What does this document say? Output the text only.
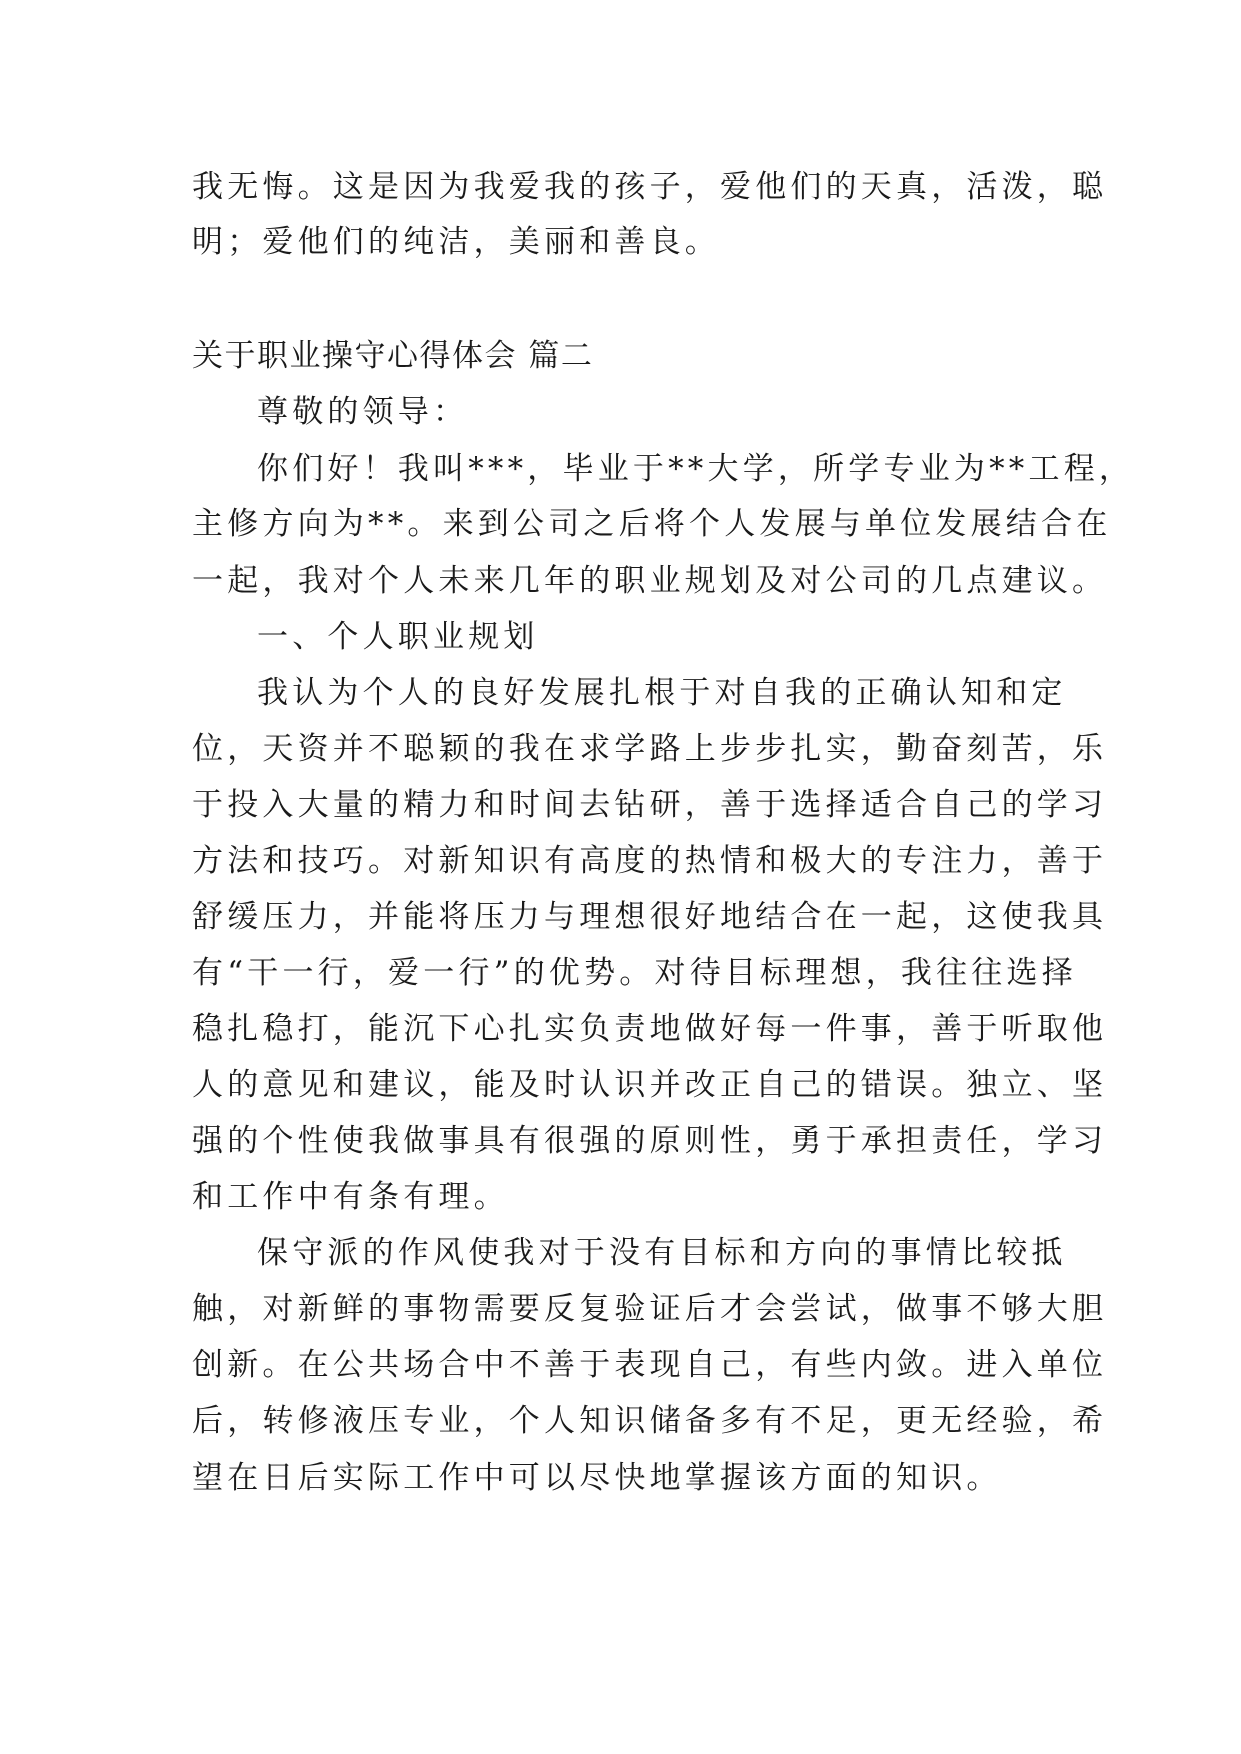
我无悔。这是因为我爱我的孩子，爱他们的天真，活泼，聪

明；爱他们的纯洁，美丽和善良。

关于职业操守心得体会 篇二

尊敬的领导：

你们好！我叫***，毕业于**大学，所学专业为**工程，

主修方向为**。来到公司之后将个人发展与单位发展结合在

一起，我对个人未来几年的职业规划及对公司的几点建议。

一、个人职业规划

我认为个人的良好发展扎根于对自我的正确认知和定

位，天资并不聪颖的我在求学路上步步扎实，勤奋刻苦，乐

于投入大量的精力和时间去钻研，善于选择适合自己的学习

方法和技巧。对新知识有高度的热情和极大的专注力，善于

舒缓压力，并能将压力与理想很好地结合在一起，这使我具

有“干一行，爱一行”的优势。对待目标理想，我往往选择

稳扎稳打，能沉下心扎实负责地做好每一件事，善于听取他

人的意见和建议，能及时认识并改正自己的错误。独立、坚

强的个性使我做事具有很强的原则性，勇于承担责任，学习

和工作中有条有理。

保守派的作风使我对于没有目标和方向的事情比较抵

触，对新鲜的事物需要反复验证后才会尝试，做事不够大胆

创新。在公共场合中不善于表现自己，有些内敛。进入单位

后，转修液压专业，个人知识储备多有不足，更无经验，希

望在日后实际工作中可以尽快地掌握该方面的知识。
